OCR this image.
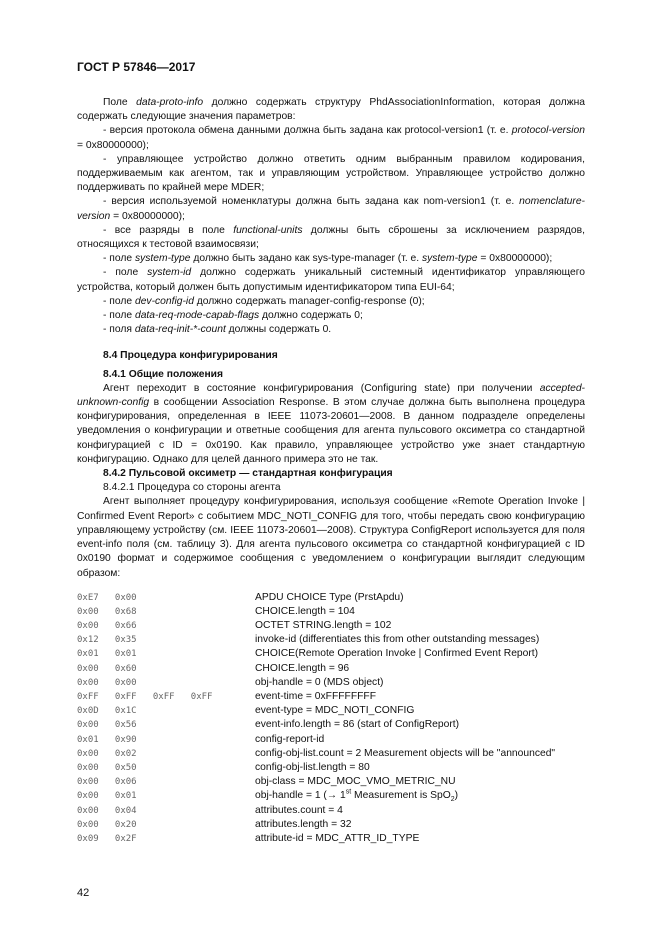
ГОСТ Р 57846—2017

Поле data-proto-info должно содержать структуру PhdAssociationInformation, которая должна содержать следующие значения параметров:

- версия протокола обмена данными должна быть задана как protocol-version1 (т. е. protocol-version = 0x80000000);

- управляющее устройство должно ответить одним выбранным правилом кодирования, поддерживаемым как агентом, так и управляющим устройством. Управляющее устройство должно поддерживать по крайней мере MDER;

- версия используемой номенклатуры должна быть задана как nom-version1 (т. е. nomenclature-version = 0x80000000);

- все разряды в поле functional-units должны быть сброшены за исключением разрядов, относящихся к тестовой взаимосвязи;

- поле system-type должно быть задано как sys-type-manager (т. е. system-type = 0x80000000);

- поле system-id должно содержать уникальный системный идентификатор управляющего устройства, который должен быть допустимым идентификатором типа EUI-64;

- поле dev-config-id должно содержать manager-config-response (0);

- поле data-req-mode-capab-flags должно содержать 0;

- поля data-req-init-*-count должны содержать 0.

8.4 Процедура конфигурирования

8.4.1 Общие положения

Агент переходит в состояние конфигурирования (Configuring state) при получении accepted-unknown-config в сообщении Association Response. В этом случае должна быть выполнена процедура конфигурирования, определенная в IEEE 11073-20601—2008. В данном подразделе определены уведомления о конфигурации и ответные сообщения для агента пульсового оксиметра со стандартной конфигурацией с ID = 0x0190. Как правило, управляющее устройство уже знает стандартную конфигурацию. Однако для целей данного примера это не так.

8.4.2 Пульсовой оксиметр — стандартная конфигурация

8.4.2.1 Процедура со стороны агента

Агент выполняет процедуру конфигурирования, используя сообщение «Remote Operation Invoke | Confirmed Event Report» с событием MDC_NOTI_CONFIG для того, чтобы передать свою конфигурацию управляющему устройству (см. IEEE 11073-20601—2008). Структура ConfigReport используется для поля event-info поля (см. таблицу 3). Для агента пульсового оксиметра со стандартной конфигурацией с ID 0x0190 формат и содержимое сообщения с уведомлением о конфигурации выглядит следующим образом:

0xE7   0x00	APDU CHOICE Type (PrstApdu)
0x00   0x68	CHOICE.length = 104
0x00   0x66	OCTET STRING.length = 102
0x12   0x35	invoke-id (differentiates this from other outstanding messages)
0x01   0x01	CHOICE(Remote Operation Invoke | Confirmed Event Report)
0x00   0x60	CHOICE.length = 96
0x00   0x00	obj-handle = 0 (MDS object)
0xFF   0xFF   0xFF   0xFF	event-time = 0xFFFFFFFF
0x0D   0x1C	event-type = MDC_NOTI_CONFIG
0x00   0x56	event-info.length = 86 (start of ConfigReport)
0x01   0x90	config-report-id
0x00   0x02	config-obj-list.count = 2 Measurement objects will be "announced"
0x00   0x50	config-obj-list.length = 80
0x00   0x06	obj-class = MDC_MOC_VMO_METRIC_NU
0x00   0x01	obj-handle = 1 (→ 1st Measurement is SpO$_2$)
0x00   0x04	attributes.count = 4
0x00   0x20	attributes.length = 32
0x09   0x2F	attribute-id = MDC_ATTR_ID_TYPE
42
